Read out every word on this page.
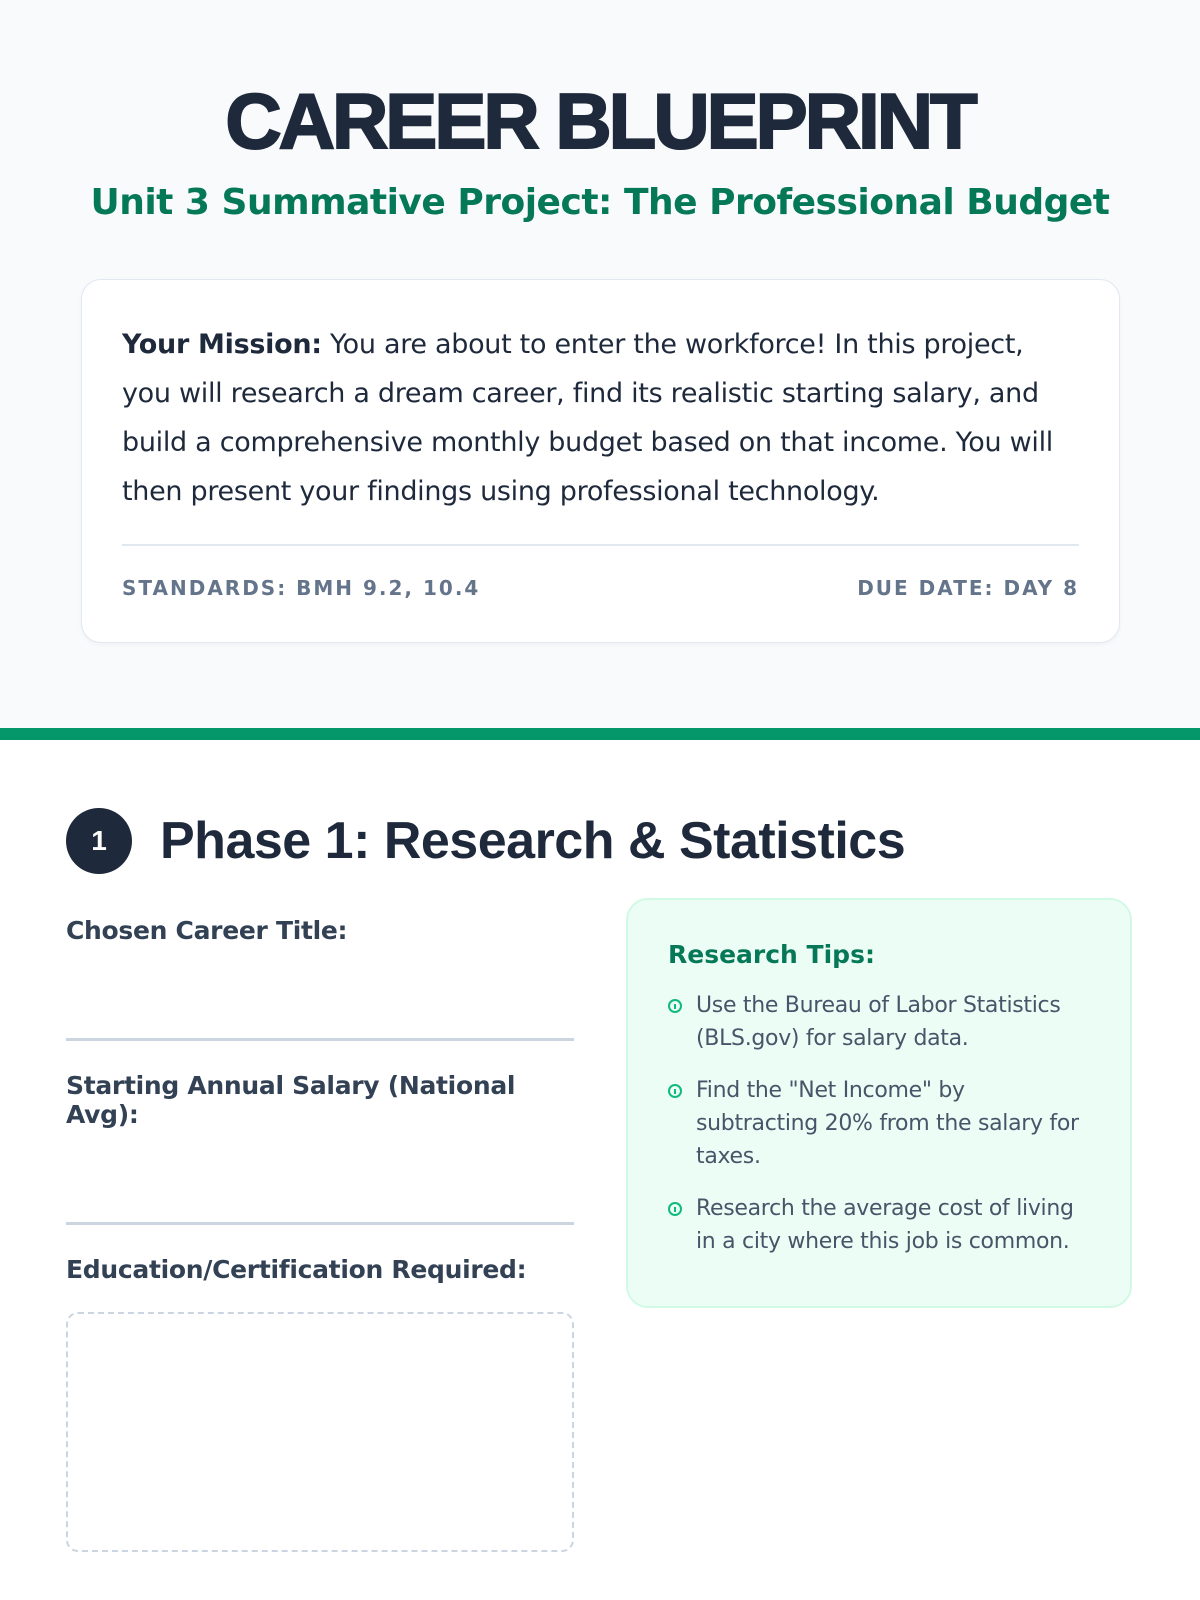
CAREER BLUEPRINT
Unit 3 Summative Project: The Professional Budget

Your Mission: You are about to enter the workforce! In this project, you will research a dream career, find its realistic starting salary, and build a comprehensive monthly budget based on that income. You will then present your findings using professional technology.

STANDARDS: BMH 9.2, 10.4	DUE DATE: DAY 8
1	Phase 1: Research & Statistics
Chosen Career Title:
Starting Annual Salary (National Avg):
Education/Certification Required:
Research Tips:
Use the Bureau of Labor Statistics (BLS.gov) for salary data.
Find the "Net Income" by subtracting 20% from the salary for taxes.
Research the average cost of living in a city where this job is common.
